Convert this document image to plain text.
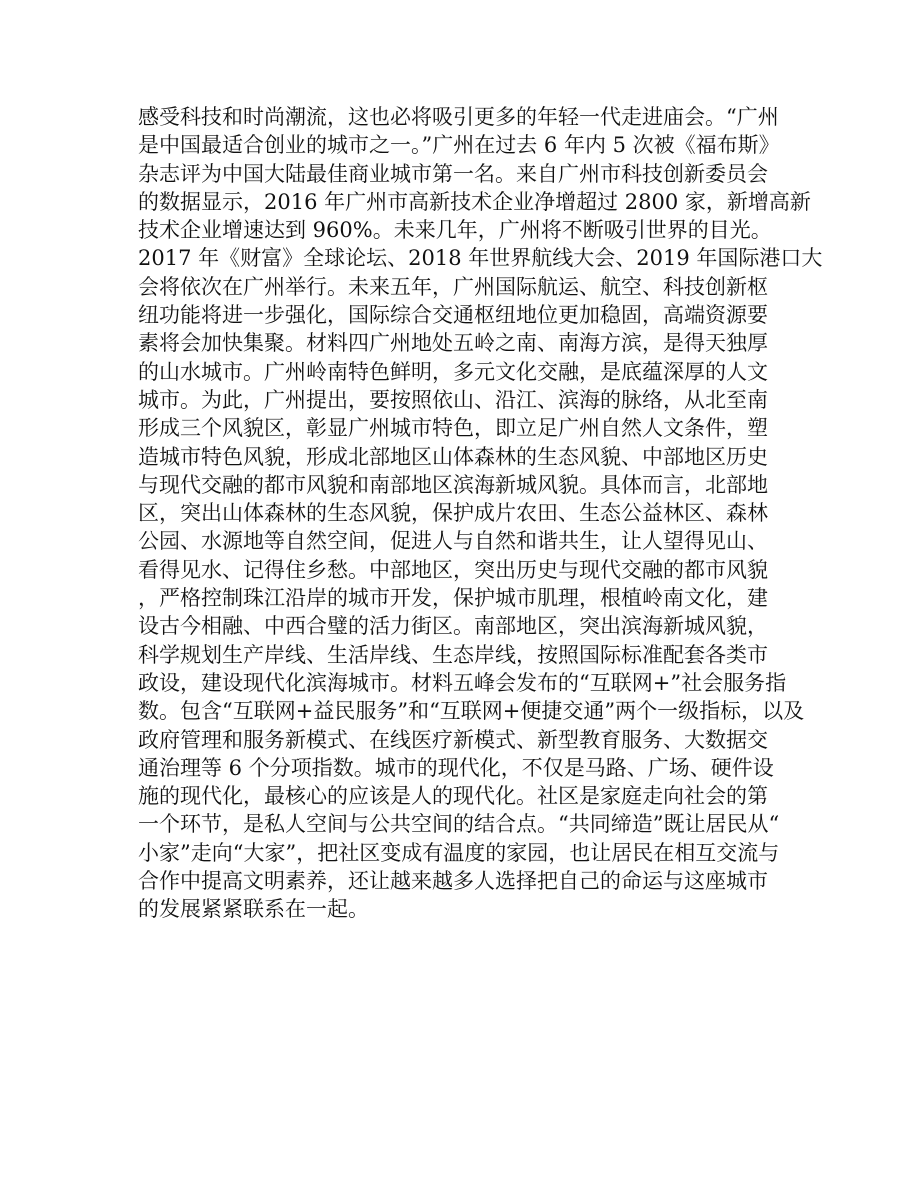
感受科技和时尚潮流，这也必将吸引更多的年轻一代走进庙会。“广州
是中国最适合创业的城市之一。”广州在过去 6 年内 5 次被《福布斯》
杂志评为中国大陆最佳商业城市第一名。来自广州市科技创新委员会
的数据显示，2016 年广州市高新技术企业净增超过 2800 家，新增高新
技术企业增速达到 960%。未来几年，广州将不断吸引世界的目光。
2017 年《财富》全球论坛、2018 年世界航线大会、2019 年国际港口大
会将依次在广州举行。未来五年，广州国际航运、航空、科技创新枢
纽功能将进一步强化，国际综合交通枢纽地位更加稳固，高端资源要
素将会加快集聚。材料四广州地处五岭之南、南海方滨，是得天独厚
的山水城市。广州岭南特色鲜明，多元文化交融，是底蕴深厚的人文
城市。为此，广州提出，要按照依山、沿江、滨海的脉络，从北至南
形成三个风貌区，彰显广州城市特色，即立足广州自然人文条件，塑
造城市特色风貌，形成北部地区山体森林的生态风貌、中部地区历史
与现代交融的都市风貌和南部地区滨海新城风貌。具体而言，北部地
区，突出山体森林的生态风貌，保护成片农田、生态公益林区、森林
公园、水源地等自然空间，促进人与自然和谐共生，让人望得见山、
看得见水、记得住乡愁。中部地区，突出历史与现代交融的都市风貌
，严格控制珠江沿岸的城市开发，保护城市肌理，根植岭南文化，建
设古今相融、中西合璧的活力街区。南部地区，突出滨海新城风貌，
科学规划生产岸线、生活岸线、生态岸线，按照国际标准配套各类市
政设，建设现代化滨海城市。材料五峰会发布的“互联网+”社会服务指
数。包含“互联网+益民服务”和“互联网+便捷交通”两个一级指标，以及
政府管理和服务新模式、在线医疗新模式、新型教育服务、大数据交
通治理等 6 个分项指数。城市的现代化，不仅是马路、广场、硬件设
施的现代化，最核心的应该是人的现代化。社区是家庭走向社会的第
一个环节，是私人空间与公共空间的结合点。“共同缔造”既让居民从“
小家”走向“大家”，把社区变成有温度的家园，也让居民在相互交流与
合作中提高文明素养，还让越来越多人选择把自己的命运与这座城市
的发展紧紧联系在一起。
